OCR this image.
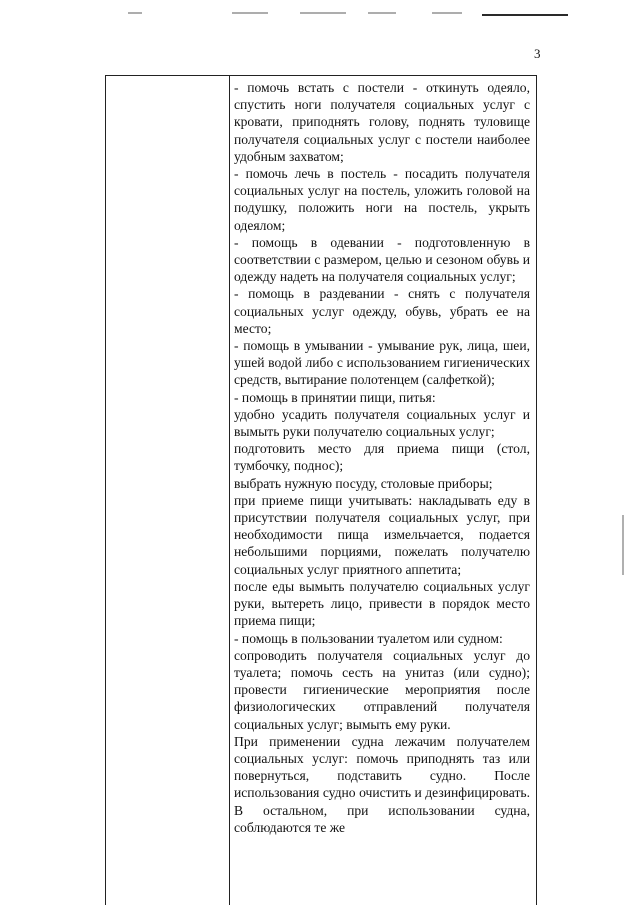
3

- помочь встать с постели - откинуть одеяло, спустить ноги получателя социальных услуг с кровати, приподнять голову, поднять туловище получателя социальных услуг с постели наиболее удобным захватом;

- помочь лечь в постель - посадить получателя социальных услуг на постель, уложить головой на подушку, положить ноги на постель, укрыть одеялом;

- помощь в одевании - подготовленную в соответствии с размером, целью и сезоном обувь и одежду надеть на получателя социальных услуг;

- помощь в раздевании - снять с получателя социальных услуг одежду, обувь, убрать ее на место;

- помощь в умывании - умывание рук, лица, шеи, ушей водой либо с использованием гигиенических средств, вытирание полотенцем (салфеткой);

- помощь в принятии пищи, питья:

удобно усадить получателя социальных услуг и вымыть руки получателю социальных услуг;

подготовить место для приема пищи (стол, тумбочку, поднос);

выбрать нужную посуду, столовые приборы;

при приеме пищи учитывать: накладывать еду в присутствии получателя социальных услуг, при необходимости пища измельчается, подается небольшими порциями, пожелать получателю социальных услуг приятного аппетита;

после еды вымыть получателю социальных услуг руки, вытереть лицо, привести в порядок место приема пищи;

- помощь в пользовании туалетом или судном:

сопроводить получателя социальных услуг до туалета; помочь сесть на унитаз (или судно); провести гигиенические мероприятия после физиологических отправлений получателя социальных услуг; вымыть ему руки.

При применении судна лежачим получателем социальных услуг: помочь приподнять таз или повернуться, подставить судно. После использования судно очистить и дезинфицировать. В остальном, при использовании судна, соблюдаются те же
